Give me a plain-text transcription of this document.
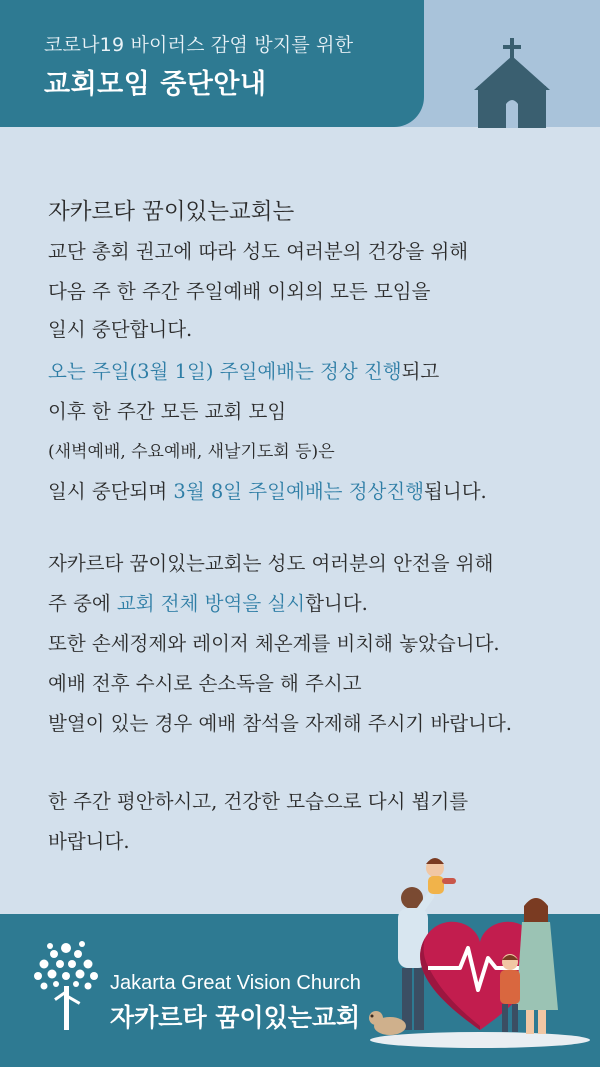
코로나19 바이러스 감염 방지를 위한

교회모임 중단안내

자카르타 꿈이있는교회는

교단 총회 권고에 따라 성도 여러분의 건강을 위해

다음 주 한 주간 주일예배 이외의 모든 모임을

일시 중단합니다.

오는 주일(3월 1일) 주일예배는 정상 진행되고

이후 한 주간 모든 교회 모임

(새벽예배, 수요예배, 새날기도회 등)은

일시 중단되며 3월 8일 주일예배는 정상진행됩니다.

자카르타 꿈이있는교회는 성도 여러분의 안전을 위해

주 중에 교회 전체 방역을 실시합니다.

또한 손세정제와 레이저 체온계를 비치해 놓았습니다.

예배 전후 수시로 손소독을 해 주시고

발열이 있는 경우 예배 참석을 자제해 주시기 바랍니다.

한 주간 평안하시고, 건강한 모습으로 다시 뵙기를

바랍니다.

Jakarta Great Vision Church

자카르타 꿈이있는교회
